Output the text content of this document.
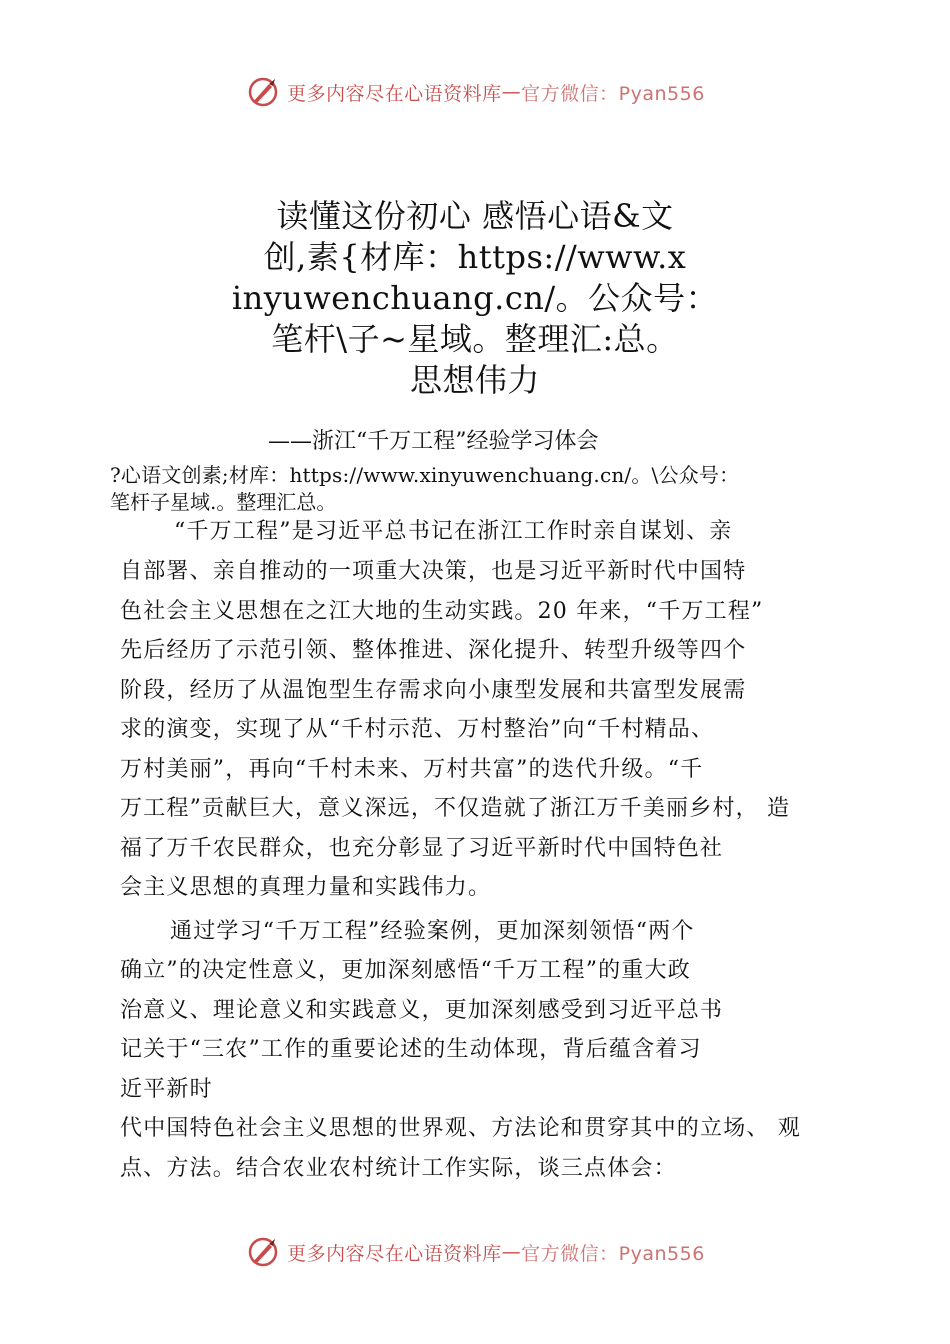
更多内容尽在心语资料库 — 官方微信：Pyan556
读懂这份初心 感悟心语&文
创,素{材库：https://www.x
inyuwenchuang.cn/。公众号：
笔杆\子~星域。整理汇:总。
思想伟力
——浙江“千万工程”经验学习体会
?心语文创素;材库：https://www.xinyuwenchuang.cn/。\公众号：
笔杆子星域.。整理汇总。
“千万工程”是习近平总书记在浙江工作时亲自谋划、亲
自部署、亲自推动的一项重大决策，也是习近平新时代中国特
色社会主义思想在之江大地的生动实践。20 年来，“千万工程”
先后经历了示范引领、整体推进、深化提升、转型升级等四个
阶段，经历了从温饱型生存需求向小康型发展和共富型发展需
求的演变，实现了从“千村示范、万村整治”向“千村精品、
万村美丽”，再向“千村未来、万村共富”的迭代升级。“千
万工程”贡献巨大，意义深远，不仅造就了浙江万千美丽乡村， 造
福了万千农民群众，也充分彰显了习近平新时代中国特色社
会主义思想的真理力量和实践伟力。
通过学习“千万工程”经验案例，更加深刻领悟“两个
确立”的决定性意义，更加深刻感悟“千万工程”的重大政
治意义、理论意义和实践意义，更加深刻感受到习近平总书
记关于“三农”工作的重要论述的生动体现，背后蕴含着习
近平新时
代中国特色社会主义思想的世界观、方法论和贯穿其中的立场、 观
点、方法。结合农业农村统计工作实际，谈三点体会：
更多内容尽在心语资料库 — 官方微信：Pyan556
